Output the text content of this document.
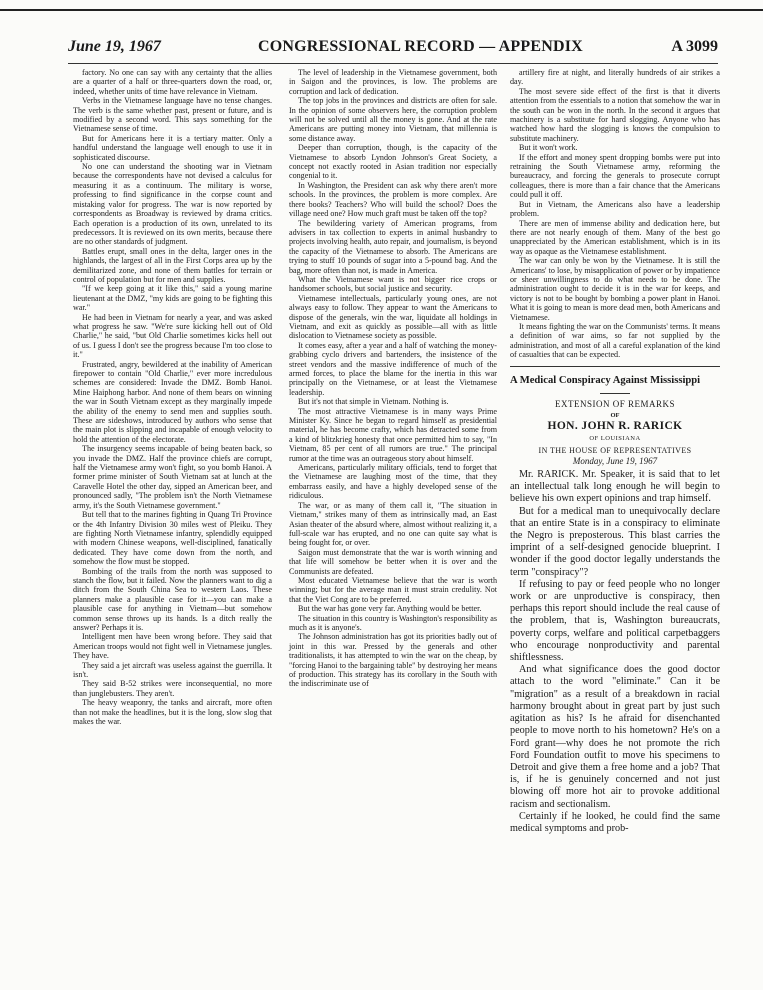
June 19, 1967	CONGRESSIONAL RECORD — APPENDIX	A 3099

factory. No one can say with any certainty that the allies are a quarter of a half or three-quarters down the road, or, indeed, whether units of time have relevance in Vietnam.

Verbs in the Vietnamese language have no tense changes. The verb is the same whether past, present or future, and is modified by a second word. This says something for the Vietnamese sense of time.

But for Americans here it is a tertiary matter. Only a handful understand the language well enough to use it in sophisticated discourse.

No one can understand the shooting war in Vietnam because the correspondents have not devised a calculus for measuring it as a continuum. The military is worse, professing to find significance in the corpse count and mistaking valor for progress. The war is now reported by correspondents as Broadway is reviewed by drama critics. Each operation is a production of its own, unrelated to its predecessors. It is reviewed on its own merits, because there are no other standards of judgment.

Battles erupt, small ones in the delta, larger ones in the highlands, the largest of all in the First Corps area up by the demilitarized zone, and none of them battles for terrain or control of population but for men and supplies.

"If we keep going at it like this," said a young marine lieutenant at the DMZ, "my kids are going to be fighting this war."

He had been in Vietnam for nearly a year, and was asked what progress he saw. "We're sure kicking hell out of Old Charlie," he said, "but Old Charlie sometimes kicks hell out of us. I guess I don't see the progress because I'm too close to it."

Frustrated, angry, bewildered at the inability of American firepower to contain "Old Charlie," ever more incredulous schemes are considered: Invade the DMZ. Bomb Hanoi. Mine Haiphong harbor. And none of them bears on winning the war in South Vietnam except as they marginally impede the ability of the enemy to send men and supplies south. These are sideshows, introduced by authors who sense that the main plot is slipping and incapable of enough velocity to hold the attention of the electorate.

The insurgency seems incapable of being beaten back, so you invade the DMZ. Half the province chiefs are corrupt, half the Vietnamese army won't fight, so you bomb Hanoi. A former prime minister of South Vietnam sat at lunch at the Caravelle Hotel the other day, sipped an American beer, and pronounced sadly, "The problem isn't the North Vietnamese army, it's the South Vietnamese government."

But tell that to the marines fighting in Quang Tri Province or the 4th Infantry Division 30 miles west of Pleiku. They are fighting North Vietnamese infantry, splendidly equipped with modern Chinese weapons, well-disciplined, fanatically dedicated. They have come down from the north, and somehow the flow must be stopped.

Bombing of the trails from the north was supposed to stanch the flow, but it failed. Now the planners want to dig a ditch from the South China Sea to western Laos. These planners make a plausible case for it—you can make a plausible case for anything in Vietnam—but somehow common sense throws up its hands. Is a ditch really the answer? Perhaps it is.

Intelligent men have been wrong before. They said that American troops would not fight well in Vietnamese jungles. They have.

They said a jet aircraft was useless against the guerrilla. It isn't.

They said B-52 strikes were inconsequential, no more than junglebusters. They aren't.

The heavy weaponry, the tanks and aircraft, more often than not make the headlines, but it is the long, slow slog that makes the war.

The level of leadership in the Vietnamese government, both in Saigon and the provinces, is low. The problems are corruption and lack of dedication.

The top jobs in the provinces and districts are often for sale. In the opinion of some observers here, the corruption problem will not be solved until all the money is gone. And at the rate Americans are putting money into Vietnam, that millennia is some distance away.

Deeper than corruption, though, is the capacity of the Vietnamese to absorb Lyndon Johnson's Great Society, a concept not exactly rooted in Asian tradition nor especially congenial to it.

In Washington, the President can ask why there aren't more schools. In the provinces, the problem is more complex. Are there books? Teachers? Who will build the school? Does the village need one? How much graft must be taken off the top?

The bewildering variety of American programs, from advisers in tax collection to experts in animal husbandry to projects involving health, auto repair, and journalism, is beyond the capacity of the Vietnamese to absorb. The Americans are trying to stuff 10 pounds of sugar into a 5-pound bag. And the bag, more often than not, is made in America.

What the Vietnamese want is not bigger rice crops or handsomer schools, but social justice and security.

Vietnamese intellectuals, particularly young ones, are not always easy to follow. They appear to want the Americans to dispose of the generals, win the war, liquidate all holdings in Vietnam, and exit as quickly as possible—all with as little dislocation to Vietnamese society as possible.

It comes easy, after a year and a half of watching the money-grabbing cyclo drivers and bartenders, the insistence of the street vendors and the massive indifference of much of the armed forces, to place the blame for the inertia in this war principally on the Vietnamese, or at least the Vietnamese leadership.

But it's not that simple in Vietnam. Nothing is.

The most attractive Vietnamese is in many ways Prime Minister Ky. Since he began to regard himself as presidential material, he has become crafty, which has detracted some from a kind of blitzkrieg honesty that once permitted him to say, "In Vietnam, 85 per cent of all rumors are true." The principal rumor at the time was an outrageous story about himself.

Americans, particularly military officials, tend to forget that the Vietnamese are laughing most of the time, that they embarrass easily, and have a highly developed sense of the ridiculous.

The war, or as many of them call it, "The situation in Vietnam," strikes many of them as intrinsically mad, an East Asian theater of the absurd where, almost without realizing it, a full-scale war has erupted, and no one can quite say what is being fought for, or over.

Saigon must demonstrate that the war is worth winning and that life will somehow be better when it is over and the Communists are defeated.

Most educated Vietnamese believe that the war is worth winning; but for the average man it must strain credulity. Not that the Viet Cong are to be preferred.

But the war has gone very far. Anything would be better.

The situation in this country is Washington's responsibility as much as it is anyone's.

The Johnson administration has got its priorities badly out of joint in this war. Pressed by the generals and other traditionalists, it has attempted to win the war on the cheap, by "forcing Hanoi to the bargaining table" by destroying her means of production. This strategy has its corollary in the South with the indiscriminate use of

artillery fire at night, and literally hundreds of air strikes a day.

The most severe side effect of the first is that it diverts attention from the essentials to a notion that somehow the war in the south can be won in the north. In the second it argues that machinery is a substitute for hard slogging. Anyone who has watched how hard the slogging is knows the compulsion to substitute machinery.

But it won't work.

If the effort and money spent dropping bombs were put into retraining the South Vietnamese army, reforming the bureaucracy, and forcing the generals to prosecute corrupt colleagues, there is more than a fair chance that the Americans could pull it off.

But in Vietnam, the Americans also have a leadership problem.

There are men of immense ability and dedication here, but there are not nearly enough of them. Many of the best go unappreciated by the American establishment, which is in its way as opaque as the Vietnamese establishment.

The war can only be won by the Vietnamese. It is still the Americans' to lose, by misapplication of power or by impatience or sheer unwillingness to do what needs to be done. The administration ought to decide it is in the war for keeps, and victory is not to be bought by bombing a power plant in Hanoi. What it is going to mean is more dead men, both Americans and Vietnamese.

It means fighting the war on the Communists' terms. It means a definition of war aims, so far not supplied by the administration, and most of all a careful explanation of the kind of casualties that can be expected.

A Medical Conspiracy Against Mississippi
EXTENSION OF REMARKS
OF
HON. JOHN R. RARICK
OF LOUISIANA
IN THE HOUSE OF REPRESENTATIVES
Monday, June 19, 1967

Mr. RARICK. Mr. Speaker, it is said that to let an intellectual talk long enough he will begin to believe his own expert opinions and trap himself.

But for a medical man to unequivocally declare that an entire State is in a conspiracy to eliminate the Negro is preposterous. This blast carries the imprint of a self-designed genocide blueprint. I wonder if the good doctor legally understands the term "conspiracy"?

If refusing to pay or feed people who no longer work or are unproductive is conspiracy, then perhaps this report should include the real cause of the problem, that is, Washington bureaucrats, poverty corps, welfare and political carpetbaggers who encourage nonproductivity and parental shiftlessness.

And what significance does the good doctor attach to the word "eliminate." Can it be "migration" as a result of a breakdown in racial harmony brought about in great part by just such agitation as his? Is he afraid for disenchanted people to move north to his hometown? He's on a Ford grant—why does he not promote the rich Ford Foundation outfit to move his specimens to Detroit and give them a free home and a job? That is, if he is genuinely concerned and not just blowing off more hot air to provoke additional racism and sectionalism.

Certainly if he looked, he could find the same medical symptoms and prob-
